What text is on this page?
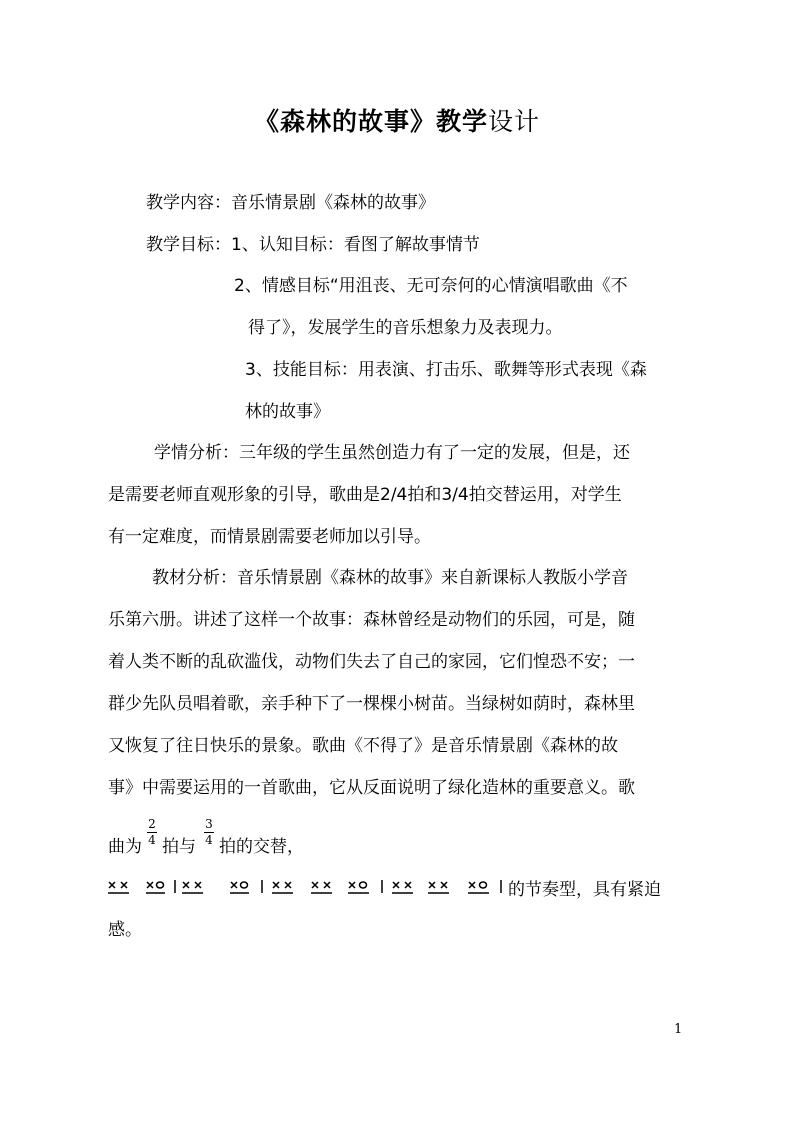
《森林的故事》教学设计
教学内容：音乐情景剧《森林的故事》
教学目标：1、认知目标：看图了解故事情节
2、情感目标“用沮丧、无可奈何的心情演唱歌曲《不
得了》，发展学生的音乐想象力及表现力。
3、技能目标：用表演、打击乐、歌舞等形式表现《森
林的故事》
学情分析：三年级的学生虽然创造力有了一定的发展，但是，还
是需要老师直观形象的引导，歌曲是2/4拍和3/4拍交替运用，对学生
有一定难度，而情景剧需要老师加以引导。
教材分析：音乐情景剧《森林的故事》来自新课标人教版小学音
乐第六册。讲述了这样一个故事：森林曾经是动物们的乐园，可是，随
着人类不断的乱砍滥伐，动物们失去了自己的家园，它们惶恐不安；一
群少先队员唱着歌，亲手种下了一棵棵小树苗。当绿树如荫时，森林里
又恢复了往日快乐的景象。歌曲《不得了》是音乐情景剧《森林的故
事》中需要运用的一首歌曲，它从反面说明了绿化造林的重要意义。歌
曲为
2
4 拍与
3
4 拍的交替，
的节奏型，具有紧迫
感。
1
